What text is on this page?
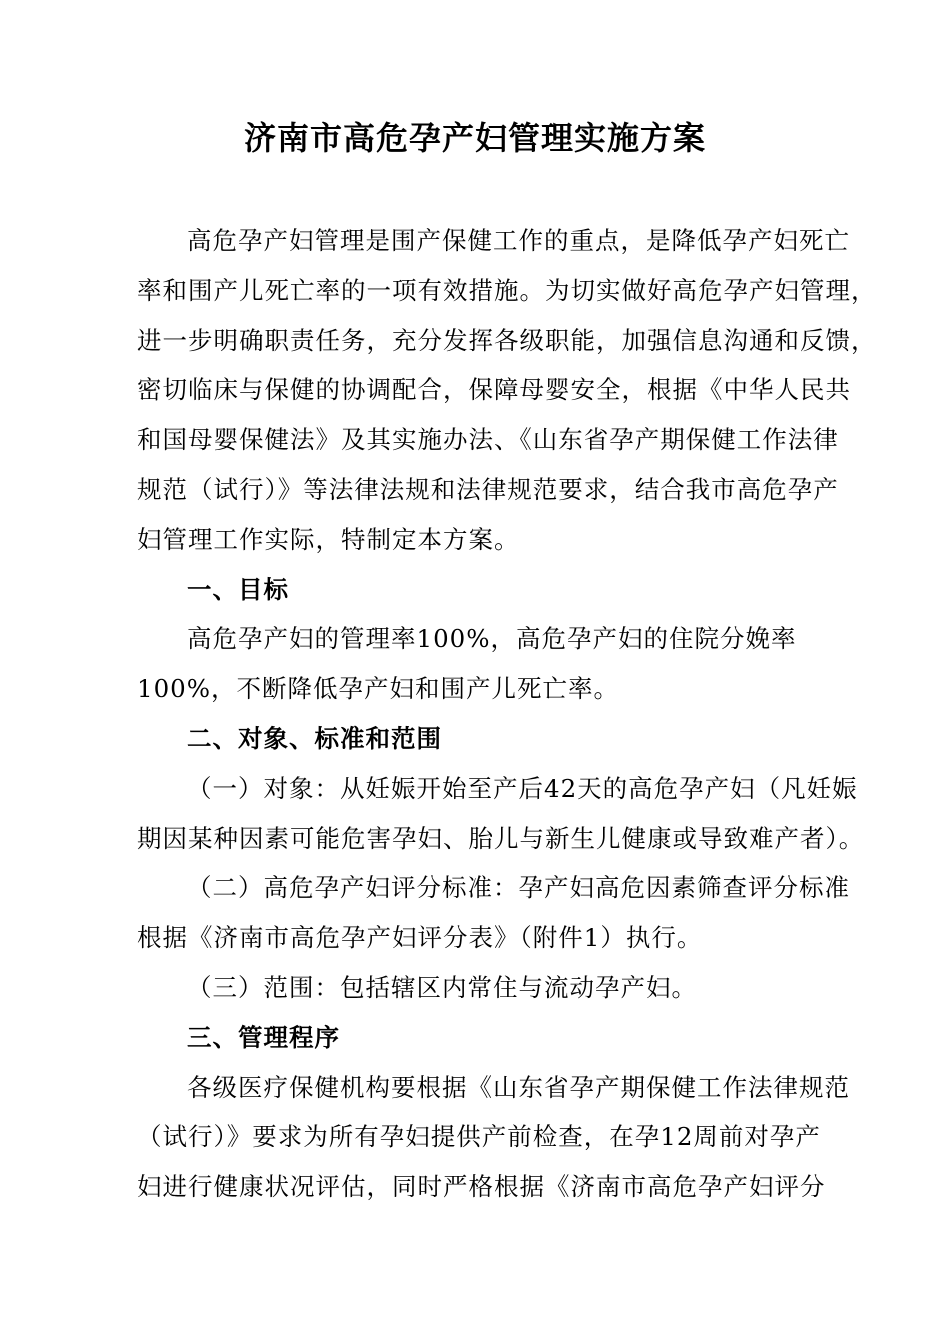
济南市高危孕产妇管理实施方案

高危孕产妇管理是围产保健工作的重点，是降低孕产妇死亡

率和围产儿死亡率的一项有效措施。为切实做好高危孕产妇管理，

进一步明确职责任务，充分发挥各级职能，加强信息沟通和反馈，

密切临床与保健的协调配合，保障母婴安全，根据《中华人民共

和国母婴保健法》及其实施办法、《山东省孕产期保健工作法律

规范（试行）》等法律法规和法律规范要求，结合我市高危孕产

妇管理工作实际，特制定本方案。

一、目标

高危孕产妇的管理率100%，高危孕产妇的住院分娩率

100%，不断降低孕产妇和围产儿死亡率。

二、对象、标准和范围

（一）对象：从妊娠开始至产后42天的高危孕产妇（凡妊娠

期因某种因素可能危害孕妇、胎儿与新生儿健康或导致难产者）。

（二）高危孕产妇评分标准：孕产妇高危因素筛查评分标准

根据《济南市高危孕产妇评分表》（附件1）执行。

（三）范围：包括辖区内常住与流动孕产妇。

三、管理程序

各级医疗保健机构要根据《山东省孕产期保健工作法律规范

（试行）》要求为所有孕妇提供产前检查，在孕12周前对孕产

妇进行健康状况评估，同时严格根据《济南市高危孕产妇评分
